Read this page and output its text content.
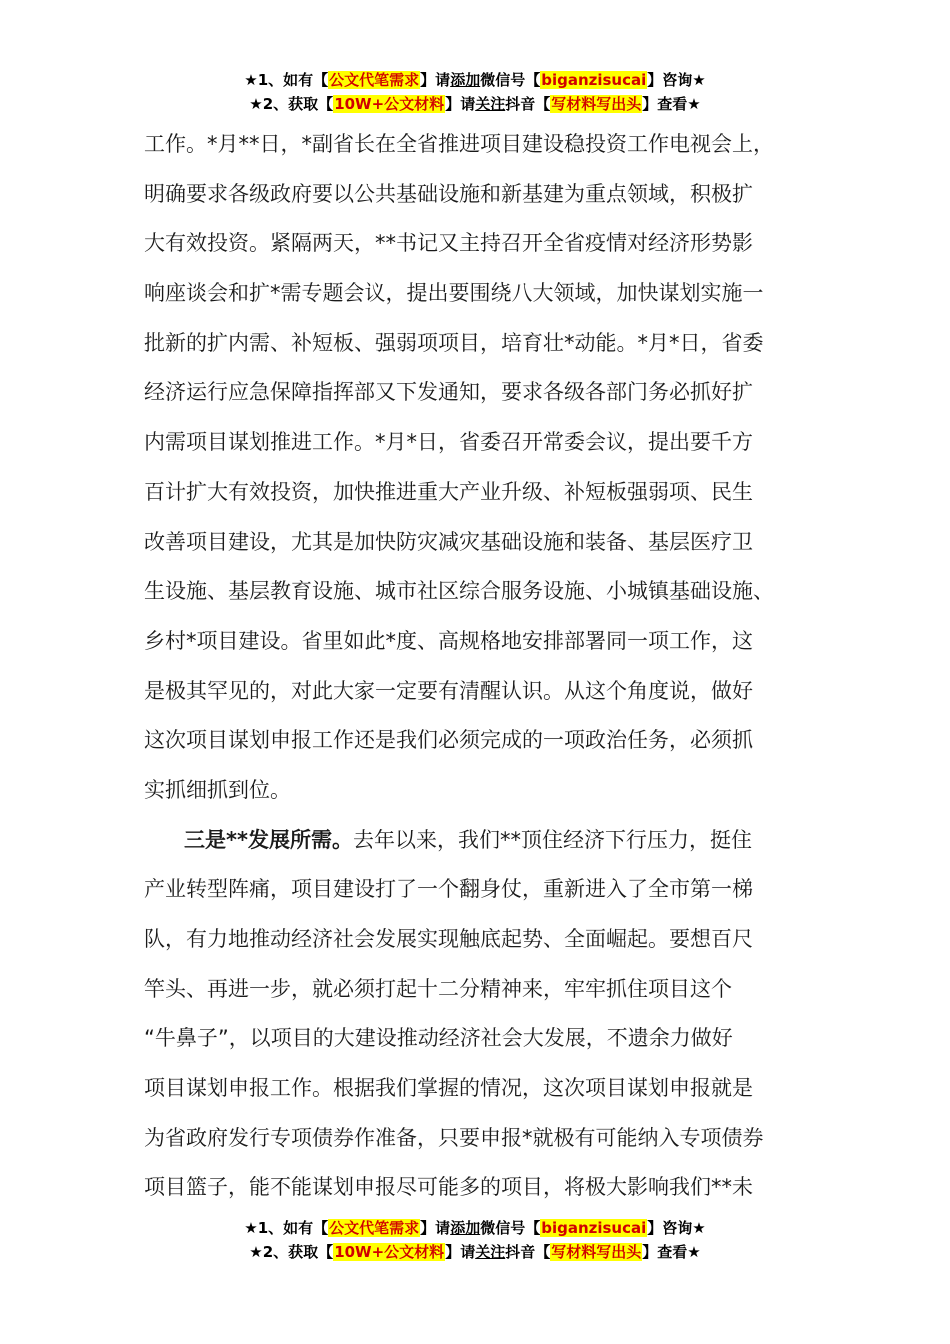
★1、如有【公文代笔需求】请添加微信号【biganzisucai】咨询★
★2、获取【10W+公文材料】请关注抖音【写材料写出头】查看★
工作。*月**日，*副省长在全省推进项目建设稳投资工作电视会上，
明确要求各级政府要以公共基础设施和新基建为重点领域，积极扩
大有效投资。紧隔两天，**书记又主持召开全省疫情对经济形势影
响座谈会和扩*需专题会议，提出要围绕八大领域，加快谋划实施一
批新的扩内需、补短板、强弱项项目，培育壮*动能。*月*日，省委
经济运行应急保障指挥部又下发通知，要求各级各部门务必抓好扩
内需项目谋划推进工作。*月*日，省委召开常委会议，提出要千方
百计扩大有效投资，加快推进重大产业升级、补短板强弱项、民生
改善项目建设，尤其是加快防灾减灾基础设施和装备、基层医疗卫
生设施、基层教育设施、城市社区综合服务设施、小城镇基础设施、
乡村*项目建设。省里如此*度、高规格地安排部署同一项工作，这
是极其罕见的，对此大家一定要有清醒认识。从这个角度说，做好
这次项目谋划申报工作还是我们必须完成的一项政治任务，必须抓
实抓细抓到位。
三是**发展所需。去年以来，我们**顶住经济下行压力，挺住
产业转型阵痛，项目建设打了一个翻身仗，重新进入了全市第一梯
队，有力地推动经济社会发展实现触底起势、全面崛起。要想百尺
竿头、再进一步，就必须打起十二分精神来，牢牢抓住项目这个
“牛鼻子”，以项目的大建设推动经济社会大发展，不遗余力做好
项目谋划申报工作。根据我们掌握的情况，这次项目谋划申报就是
为省政府发行专项债券作准备，只要申报*就极有可能纳入专项债券
项目篮子，能不能谋划申报尽可能多的项目，将极大影响我们**未
★1、如有【公文代笔需求】请添加微信号【biganzisucai】咨询★
★2、获取【10W+公文材料】请关注抖音【写材料写出头】查看★
